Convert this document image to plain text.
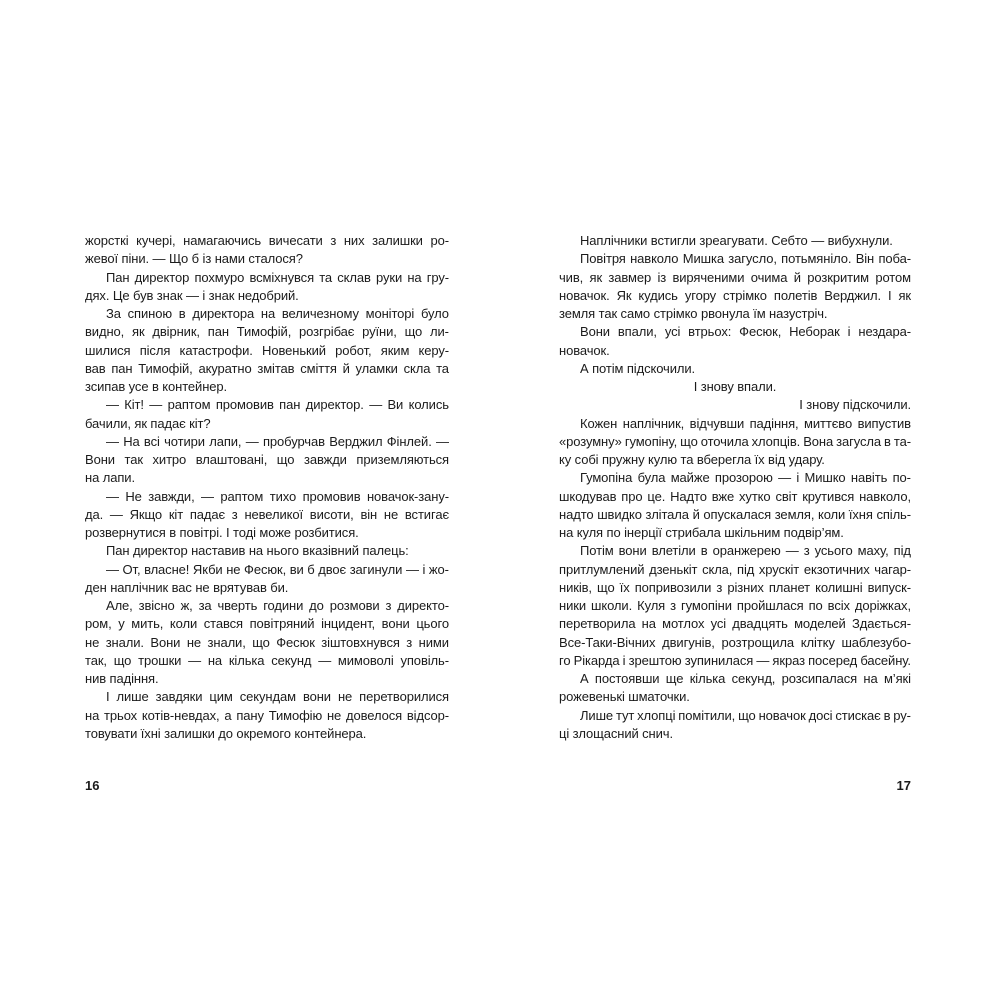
жорсткі кучері, намагаючись вичесати з них залишки ро-
жевої піни. — Що б із нами сталося?
Пан директор похмуро всміхнувся та склав руки на гру-
дях. Це був знак — і знак недобрий.
За спиною в директора на величезному моніторі було
видно, як двірник, пан Тимофій, розгрібає руїни, що ли-
шилися після катастрофи. Новенький робот, яким керу-
вав пан Тимофій, акуратно змітав сміття й уламки скла та
зсипав усе в контейнер.
— Кіт! — раптом промовив пан директор. — Ви колись
бачили, як падає кіт?
— На всі чотири лапи, — пробурчав Верджил Фінлей. —
Вони так хитро влаштовані, що завжди приземляються
на лапи.
— Не завжди, — раптом тихо промовив новачок-зану-
да. — Якщо кіт падає з невеликої висоти, він не встигає
розвернутися в повітрі. І тоді може розбитися.
Пан директор наставив на нього вказівний палець:
— От, власне! Якби не Фесюк, ви б двоє загинули — і жо-
ден наплічник вас не врятував би.
Але, звісно ж, за чверть години до розмови з директо-
ром, у мить, коли стався повітряний інцидент, вони цього
не знали. Вони не знали, що Фесюк зіштовхнувся з ними
так, що трошки — на кілька секунд — мимоволі уповіль-
нив падіння.
І лише завдяки цим секундам вони не перетворилися
на трьох котів-невдах, а пану Тимофію не довелося відсор-
товувати їхні залишки до окремого контейнера.
16
Наплічники встигли зреагувати. Себто — вибухнули.
Повітря навколо Мишка загусло, потьмяніло. Він поба-
чив, як завмер із виряченими очима й розкритим ротом
новачок. Як кудись угору стрімко полетів Верджил. І як
земля так само стрімко рвонула їм назустріч.
Вони впали, усі втрьох: Фесюк, Неборак і нездара-
новачок.
А потім підскочили.
І знову впали.
І знову підскочили.
Кожен наплічник, відчувши падіння, миттєво випустив
«розумну» гумопіну, що оточила хлопців. Вона загусла в та-
ку собі пружну кулю та вберегла їх від удару.
Гумопіна була майже прозорою — і Мишко навіть по-
шкодував про це. Надто вже хутко світ крутився навколо,
надто швидко злітала й опускалася земля, коли їхня спіль-
на куля по інерції стрибала шкільним подвір’ям.
Потім вони влетіли в оранжерею — з усього маху, під
притлумлений дзенькіт скла, під хрускіт екзотичних чагар-
ників, що їх попривозили з різних планет колишні випуск-
ники школи. Куля з гумопіни пройшлася по всіх доріжках,
перетворила на мотлох усі двадцять моделей Здається-
Все-Таки-Вічних двигунів, розтрощила клітку шаблезубо-
го Рікарда і зрештою зупинилася — якраз посеред басейну.
А постоявши ще кілька секунд, розсипалася на м’які
рожевенькі шматочки.
Лише тут хлопці помітили, що новачок досі стискає в ру-
ці злощасний снич.
17
